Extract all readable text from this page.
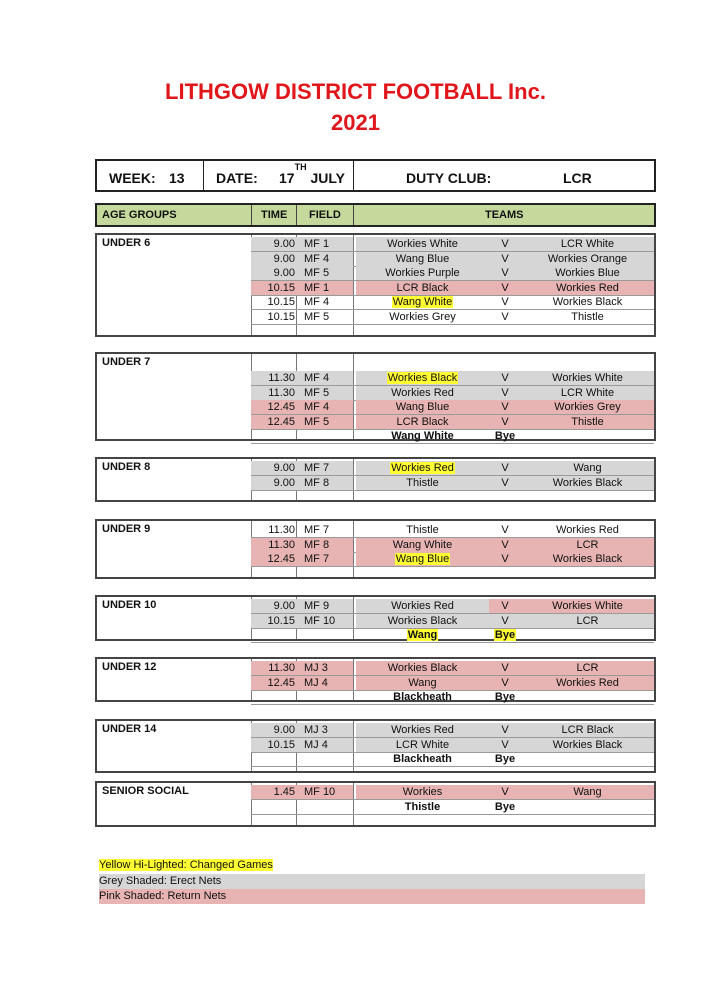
LITHGOW DISTRICT FOOTBALL Inc.
2021
WEEK: 13 DATE: 17TH JULY	DUTY CLUB:	LCR
AGE GROUPS	TIME FIELD	TEAMS
UNDER 6	9.00 MF 1	Workies White	V	LCR White
9.00 MF 4	Wang Blue	V	Workies Orange
9.00 MF 5	Workies Purple	V	Workies Blue
10.15 MF 1	LCR Black	V	Workies Red
10.15 MF 4	Wang White	V	Workies Black
10.15 MF 5	Workies Grey	V	Thistle
UNDER 7
11.30 MF 4	Workies Black	V	Workies White
11.30 MF 5	Workies Red	V	LCR White
12.45 MF 4	Wang Blue	V	Workies Grey
12.45 MF 5	LCR Black	V	Thistle
Wang White	Bye
UNDER 8	9.00 MF 7	Workies Red	V	Wang
9.00 MF 8	Thistle	V	Workies Black
UNDER 9	11.30 MF 7	Thistle	V	Workies Red
11.30 MF 8	Wang White	V	LCR
12.45 MF 7	Wang Blue	V	Workies Black
UNDER 10	9.00 MF 9	Workies Red	V	Workies White
10.15 MF 10	Workies Black	V	LCR
Wang	Bye
UNDER 12	11.30 MJ 3	Workies Black	V	LCR
12.45 MJ 4	Wang	V	Workies Red
Blackheath	Bye
UNDER 14	9.00 MJ 3	Workies Red	V	LCR Black
10.15 MJ 4	LCR White	V	Workies Black
Blackheath	Bye
SENIOR SOCIAL	1.45 MF 10	Workies	V	Wang
Thistle	Bye
Yellow Hi-Lighted: Changed Games
Grey Shaded: Erect Nets
Pink Shaded: Return Nets
